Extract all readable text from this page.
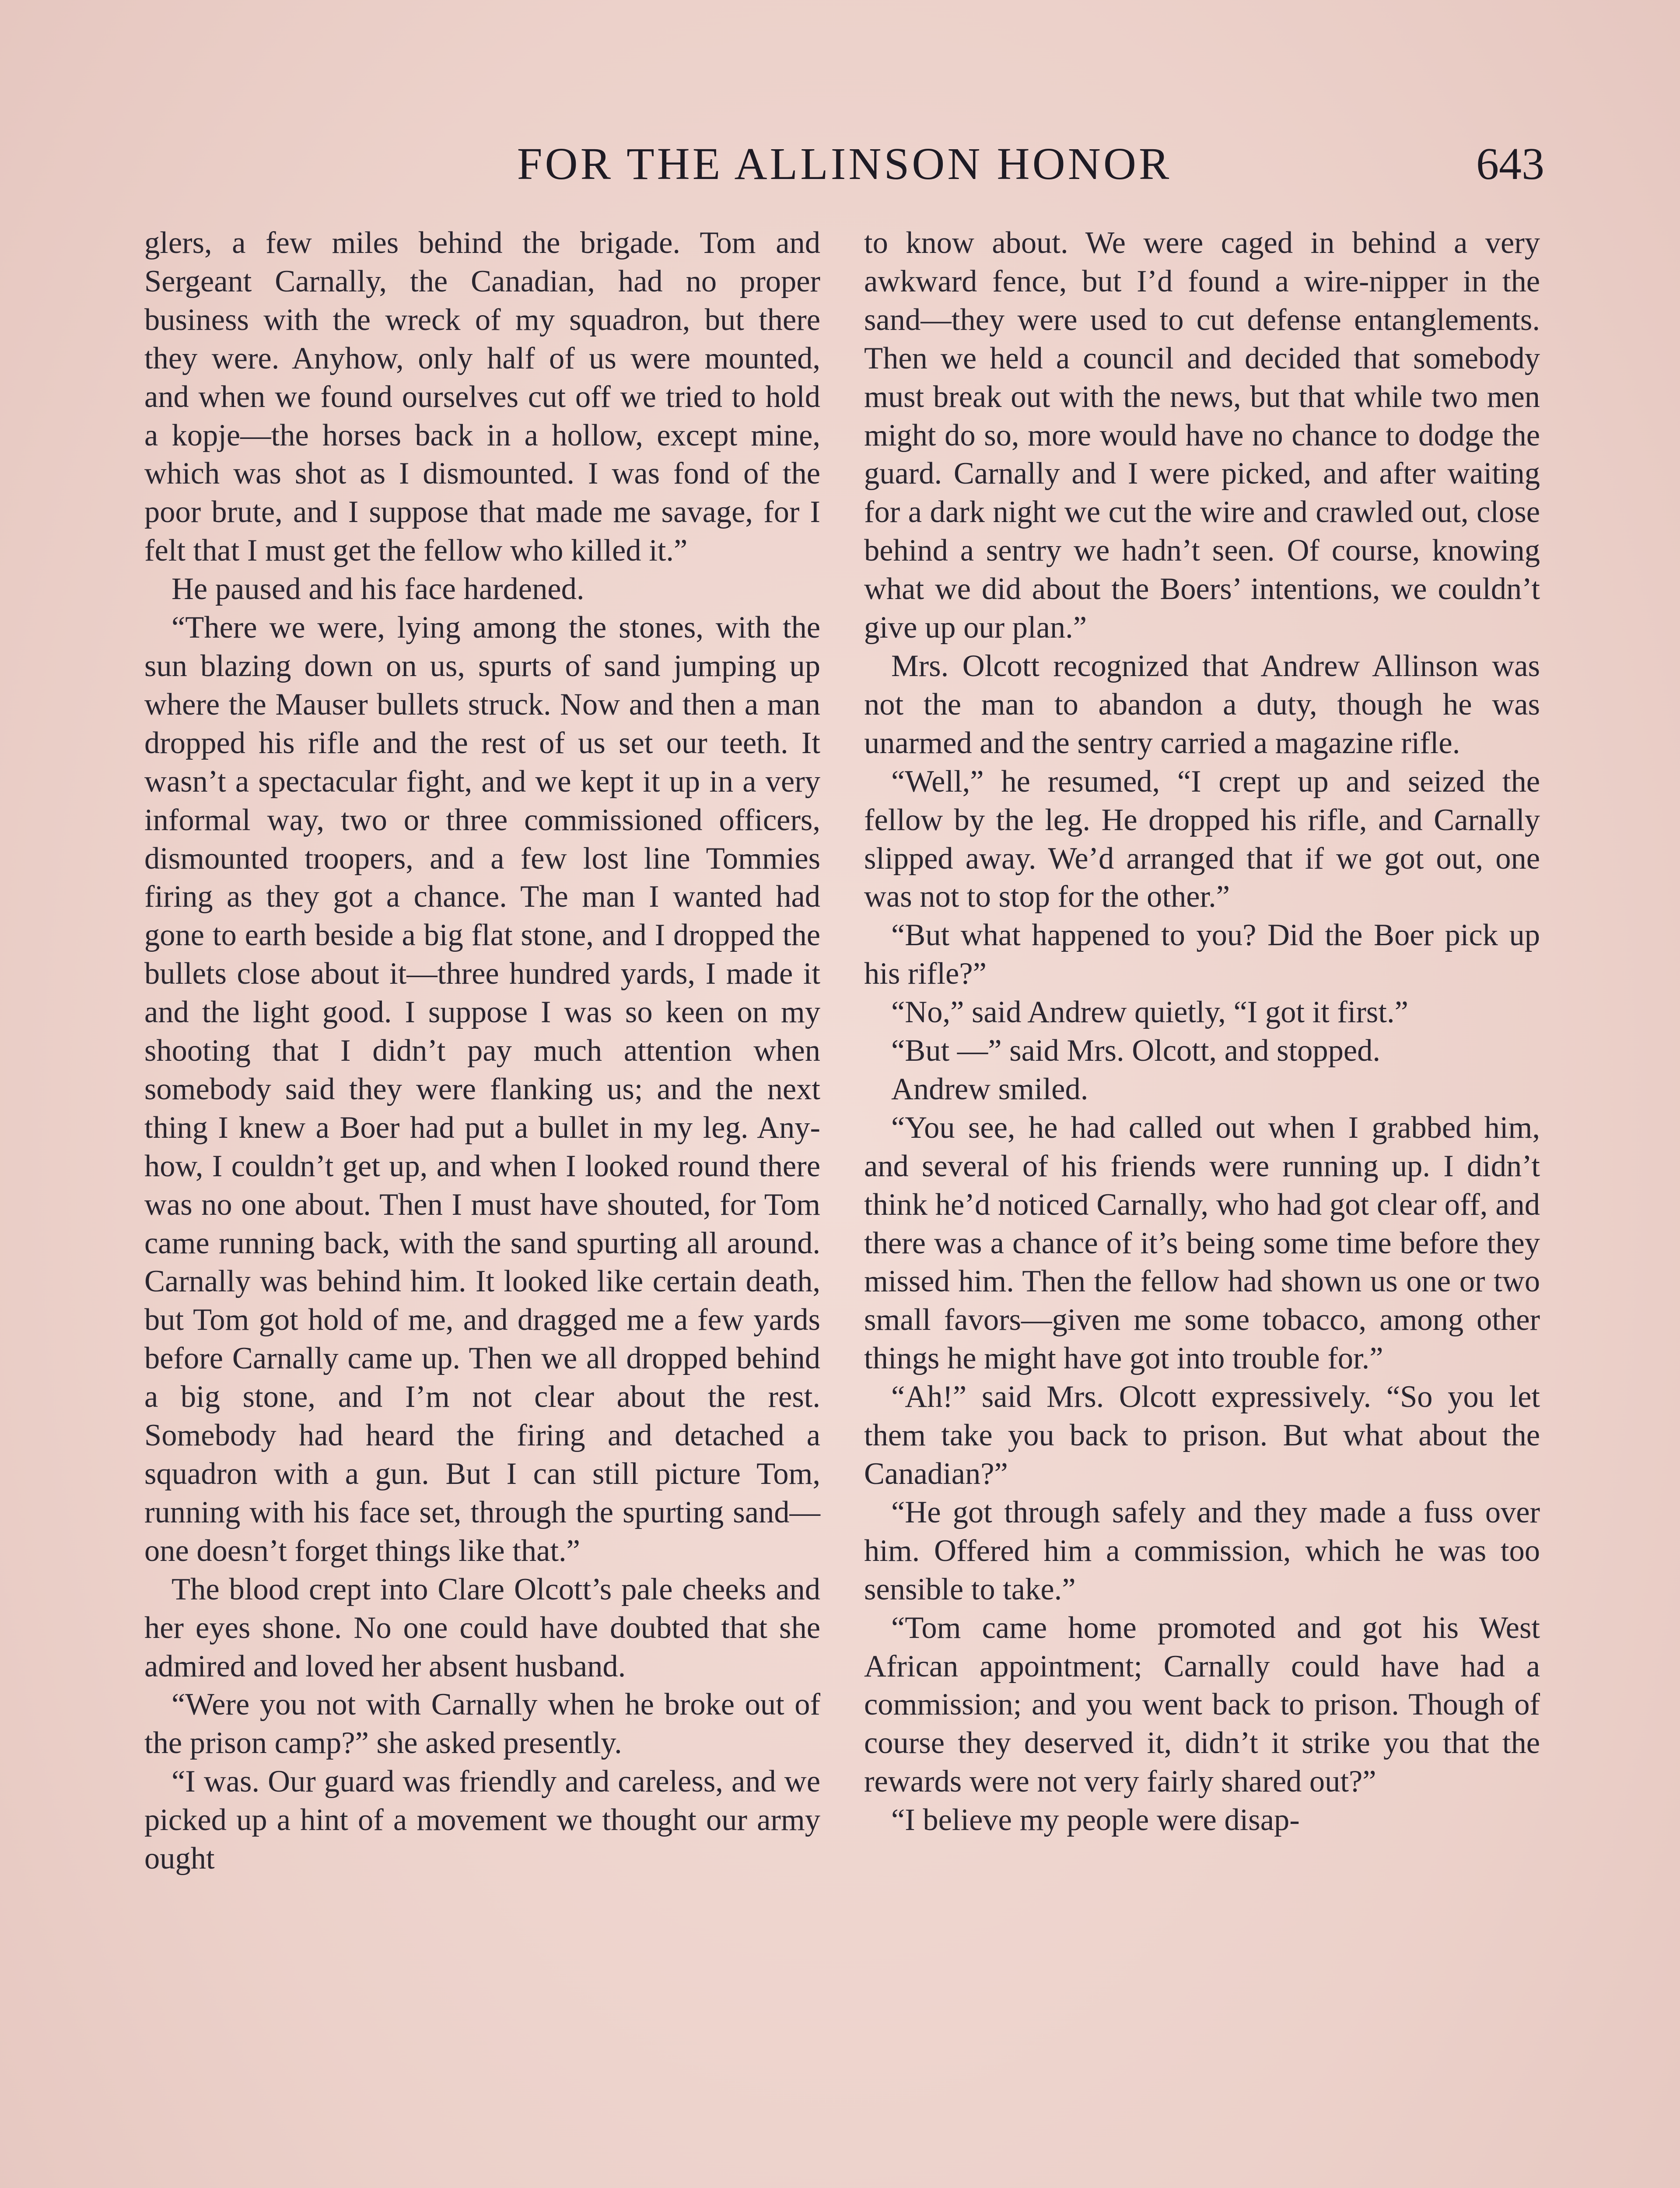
FOR THE ALLINSON HONOR	643

glers, a few miles behind the brigade. Tom and Sergeant Carnally, the Canadian, had no proper business with the wreck of my squadron, but there they were. Anyhow, only half of us were mounted, and when we found ourselves cut off we tried to hold a kopje—the horses back in a hollow, except mine, which was shot as I dismounted. I was fond of the poor brute, and I suppose that made me savage, for I felt that I must get the fellow who killed it.”

He paused and his face hardened.

“There we were, lying among the stones, with the sun blazing down on us, spurts of sand jumping up where the Mauser bullets struck. Now and then a man dropped his rifle and the rest of us set our teeth. It wasn’t a spectacular fight, and we kept it up in a very informal way, two or three commissioned officers, dismounted troopers, and a few lost line Tommies firing as they got a chance. The man I wanted had gone to earth beside a big flat stone, and I dropped the bullets close about it—three hundred yards, I made it and the light good. I suppose I was so keen on my shooting that I didn’t pay much attention when somebody said they were flanking us; and the next thing I knew a Boer had put a bullet in my leg. Anyhow, I couldn’t get up, and when I looked round there was no one about. Then I must have shouted, for Tom came running back, with the sand spurting all around. Carnally was behind him. It looked like certain death, but Tom got hold of me, and dragged me a few yards before Carnally came up. Then we all dropped behind a big stone, and I’m not clear about the rest. Somebody had heard the firing and detached a squadron with a gun. But I can still picture Tom, running with his face set, through the spurting sand—one doesn’t forget things like that.”

The blood crept into Clare Olcott’s pale cheeks and her eyes shone. No one could have doubted that she admired and loved her absent husband.

“Were you not with Carnally when he broke out of the prison camp?” she asked presently.

“I was. Our guard was friendly and careless, and we picked up a hint of a movement we thought our army ought

to know about. We were caged in behind a very awkward fence, but I’d found a wire-nipper in the sand—they were used to cut defense entanglements. Then we held a council and decided that somebody must break out with the news, but that while two men might do so, more would have no chance to dodge the guard. Carnally and I were picked, and after waiting for a dark night we cut the wire and crawled out, close behind a sentry we hadn’t seen. Of course, knowing what we did about the Boers’ intentions, we couldn’t give up our plan.”

Mrs. Olcott recognized that Andrew Allinson was not the man to abandon a duty, though he was unarmed and the sentry carried a magazine rifle.

“Well,” he resumed, “I crept up and seized the fellow by the leg. He dropped his rifle, and Carnally slipped away. We’d arranged that if we got out, one was not to stop for the other.”

“But what happened to you? Did the Boer pick up his rifle?”

“No,” said Andrew quietly, “I got it first.”

“But —” said Mrs. Olcott, and stopped.

Andrew smiled.

“You see, he had called out when I grabbed him, and several of his friends were running up. I didn’t think he’d noticed Carnally, who had got clear off, and there was a chance of it’s being some time before they missed him. Then the fellow had shown us one or two small favors—given me some tobacco, among other things he might have got into trouble for.”

“Ah!” said Mrs. Olcott expressively. “So you let them take you back to prison. But what about the Canadian?”

“He got through safely and they made a fuss over him. Offered him a commission, which he was too sensible to take.”

“Tom came home promoted and got his West African appointment; Carnally could have had a commission; and you went back to prison. Though of course they deserved it, didn’t it strike you that the rewards were not very fairly shared out?”

“I believe my people were disap-
